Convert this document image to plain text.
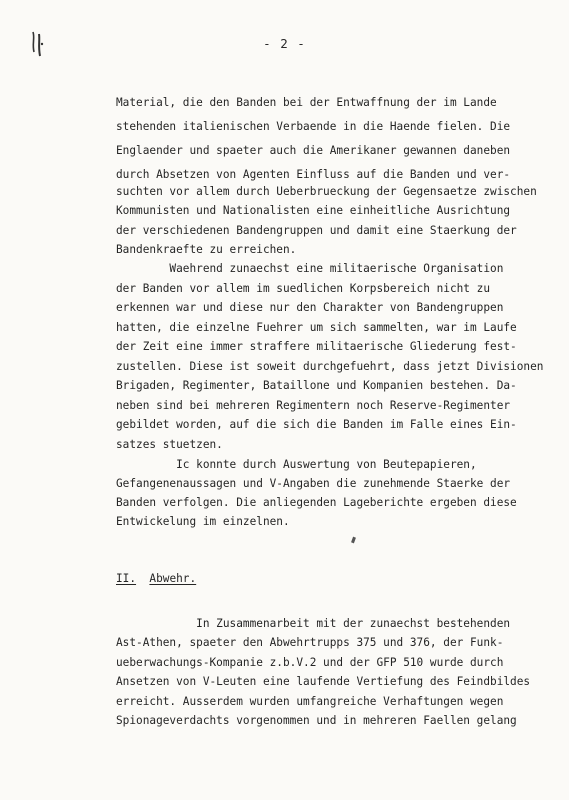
- 2 -
Material, die den Banden bei der Entwaffnung der im Lande
stehenden italienischen Verbaende in die Haende fielen. Die
Englaender und spaeter auch die Amerikaner gewannen daneben
durch Absetzen von Agenten Einfluss auf die Banden und ver-
suchten vor allem durch Ueberbrueckung der Gegensaetze zwischen
Kommunisten und Nationalisten eine einheitliche Ausrichtung
der verschiedenen Bandengruppen und damit eine Staerkung der
Bandenkraefte zu erreichen.
Waehrend zunaechst eine militaerische Organisation
der Banden vor allem im suedlichen Korpsbereich nicht zu
erkennen war und diese nur den Charakter von Bandengruppen
hatten, die einzelne Fuehrer um sich sammelten, war im Laufe
der Zeit eine immer straffere militaerische Gliederung fest-
zustellen. Diese ist soweit durchgefuehrt, dass jetzt Divisionen
Brigaden, Regimenter, Bataillone und Kompanien bestehen. Da-
neben sind bei mehreren Regimentern noch Reserve-Regimenter
gebildet worden, auf die sich die Banden im Falle eines Ein-
satzes stuetzen.
Ic konnte durch Auswertung von Beutepapieren,
Gefangenenaussagen und V-Angaben die zunehmende Staerke der
Banden verfolgen. Die anliegenden Lageberichte ergeben diese
Entwickelung im einzelnen.
II. Abwehr.
In Zusammenarbeit mit der zunaechst bestehenden
Ast-Athen, spaeter den Abwehrtrupps 375 und 376, der Funk-
ueberwachungs-Kompanie z.b.V.2 und der GFP 510 wurde durch
Ansetzen von V-Leuten eine laufende Vertiefung des Feindbildes
erreicht. Ausserdem wurden umfangreiche Verhaftungen wegen
Spionageverdachts vorgenommen und in mehreren Faellen gelang
